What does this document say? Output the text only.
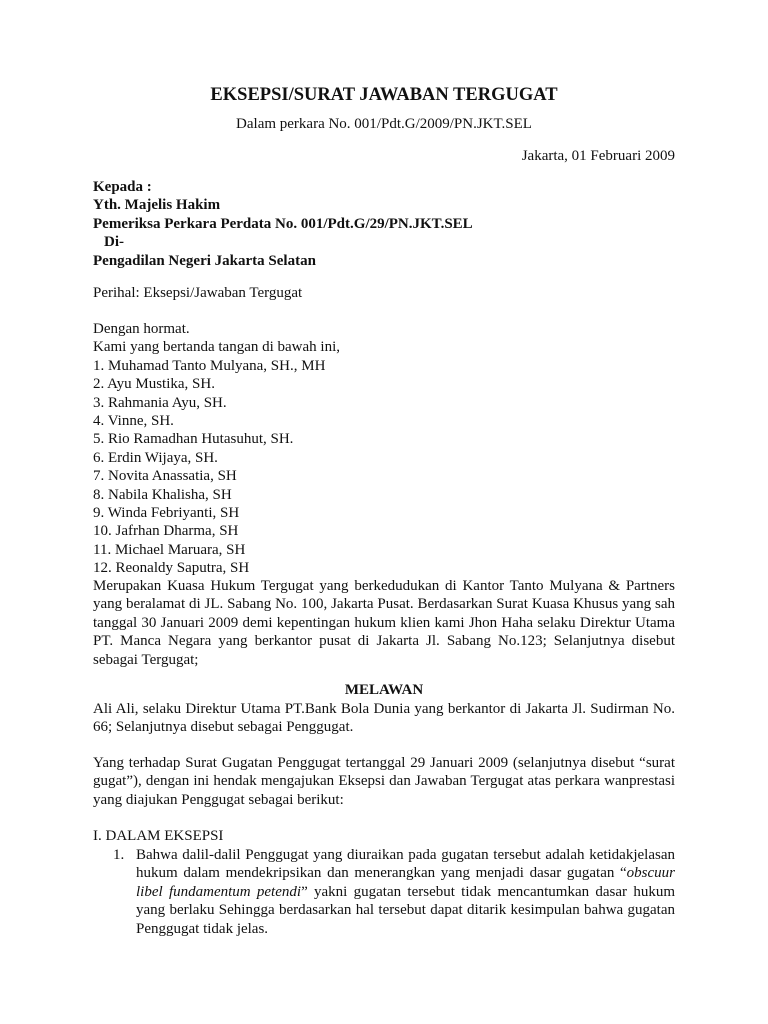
EKSEPSI/SURAT JAWABAN TERGUGAT
Dalam perkara No. 001/Pdt.G/2009/PN.JKT.SEL
Jakarta, 01 Februari 2009
Kepada :
Yth. Majelis Hakim
Pemeriksa Perkara Perdata No. 001/Pdt.G/29/PN.JKT.SEL
Di-
Pengadilan Negeri Jakarta Selatan
Perihal: Eksepsi/Jawaban Tergugat
Dengan hormat.
Kami yang bertanda tangan di bawah ini,
1. Muhamad Tanto Mulyana, SH., MH
2. Ayu Mustika, SH.
3. Rahmania Ayu, SH.
4. Vinne, SH.
5. Rio Ramadhan Hutasuhut, SH.
6. Erdin Wijaya, SH.
7. Novita Anassatia, SH
8. Nabila Khalisha, SH
9. Winda Febriyanti, SH
10. Jafrhan Dharma, SH
11. Michael Maruara, SH
12. Reonaldy Saputra, SH
Merupakan Kuasa Hukum Tergugat yang berkedudukan di Kantor Tanto Mulyana & Partners yang beralamat di JL. Sabang No. 100, Jakarta Pusat. Berdasarkan Surat Kuasa Khusus yang sah tanggal 30 Januari 2009 demi kepentingan hukum klien kami Jhon Haha selaku Direktur Utama PT. Manca Negara yang berkantor pusat di Jakarta Jl. Sabang No.123; Selanjutnya disebut sebagai Tergugat;
MELAWAN
Ali Ali, selaku Direktur Utama PT.Bank Bola Dunia yang berkantor di Jakarta Jl. Sudirman No. 66; Selanjutnya disebut sebagai Penggugat.
Yang terhadap Surat Gugatan Penggugat tertanggal 29 Januari 2009 (selanjutnya disebut “surat gugat”), dengan ini hendak mengajukan Eksepsi dan Jawaban Tergugat atas perkara wanprestasi yang diajukan Penggugat sebagai berikut:
I. DALAM EKSEPSI
1. Bahwa dalil-dalil Penggugat yang diuraikan pada gugatan tersebut adalah ketidakjelasan hukum dalam mendekripsikan dan menerangkan yang menjadi dasar gugatan “obscuur libel fundamentum petendi” yakni gugatan tersebut tidak mencantumkan dasar hukum yang berlaku Sehingga berdasarkan hal tersebut dapat ditarik kesimpulan bahwa gugatan Penggugat tidak jelas.
